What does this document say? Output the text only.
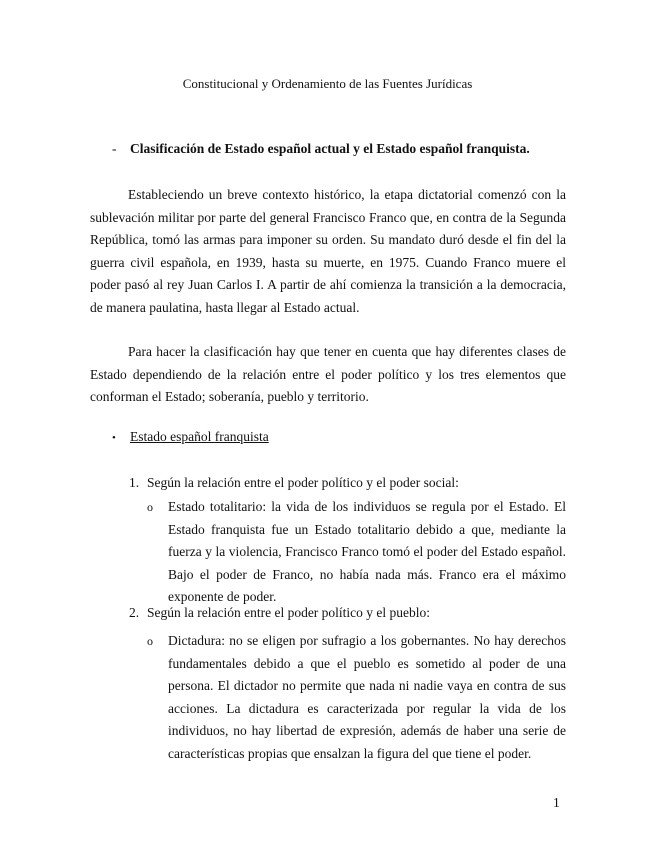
Constitucional y Ordenamiento de las Fuentes Jurídicas
- Clasificación de Estado español actual y el Estado español franquista.

Estableciendo un breve contexto histórico, la etapa dictatorial comenzó con la sublevación militar por parte del general Francisco Franco que, en contra de la Segunda República, tomó las armas para imponer su orden. Su mandato duró desde el fin del la guerra civil española, en 1939, hasta su muerte, en 1975. Cuando Franco muere el poder pasó al rey Juan Carlos I. A partir de ahí comienza la transición a la democracia, de manera paulatina, hasta llegar al Estado actual.

Para hacer la clasificación hay que tener en cuenta que hay diferentes clases de Estado dependiendo de la relación entre el poder político y los tres elementos que conforman el Estado; soberanía, pueblo y territorio.

• Estado español franquista
1. Según la relación entre el poder político y el poder social:
o	Estado totalitario: la vida de los individuos se regula por el Estado. El Estado franquista fue un Estado totalitario debido a que, mediante la fuerza y la violencia, Francisco Franco tomó el poder del Estado español. Bajo el poder de Franco, no había nada más. Franco era el máximo exponente de poder.

2. Según la relación entre el poder político y el pueblo:
o	Dictadura: no se eligen por sufragio a los gobernantes. No hay derechos fundamentales debido a que el pueblo es sometido al poder de una persona. El dictador no permite que nada ni nadie vaya en contra de sus acciones. La dictadura es caracterizada por regular la vida de los individuos, no hay libertad de expresión, además de haber una serie de características propias que ensalzan la figura del que tiene el poder.

1
